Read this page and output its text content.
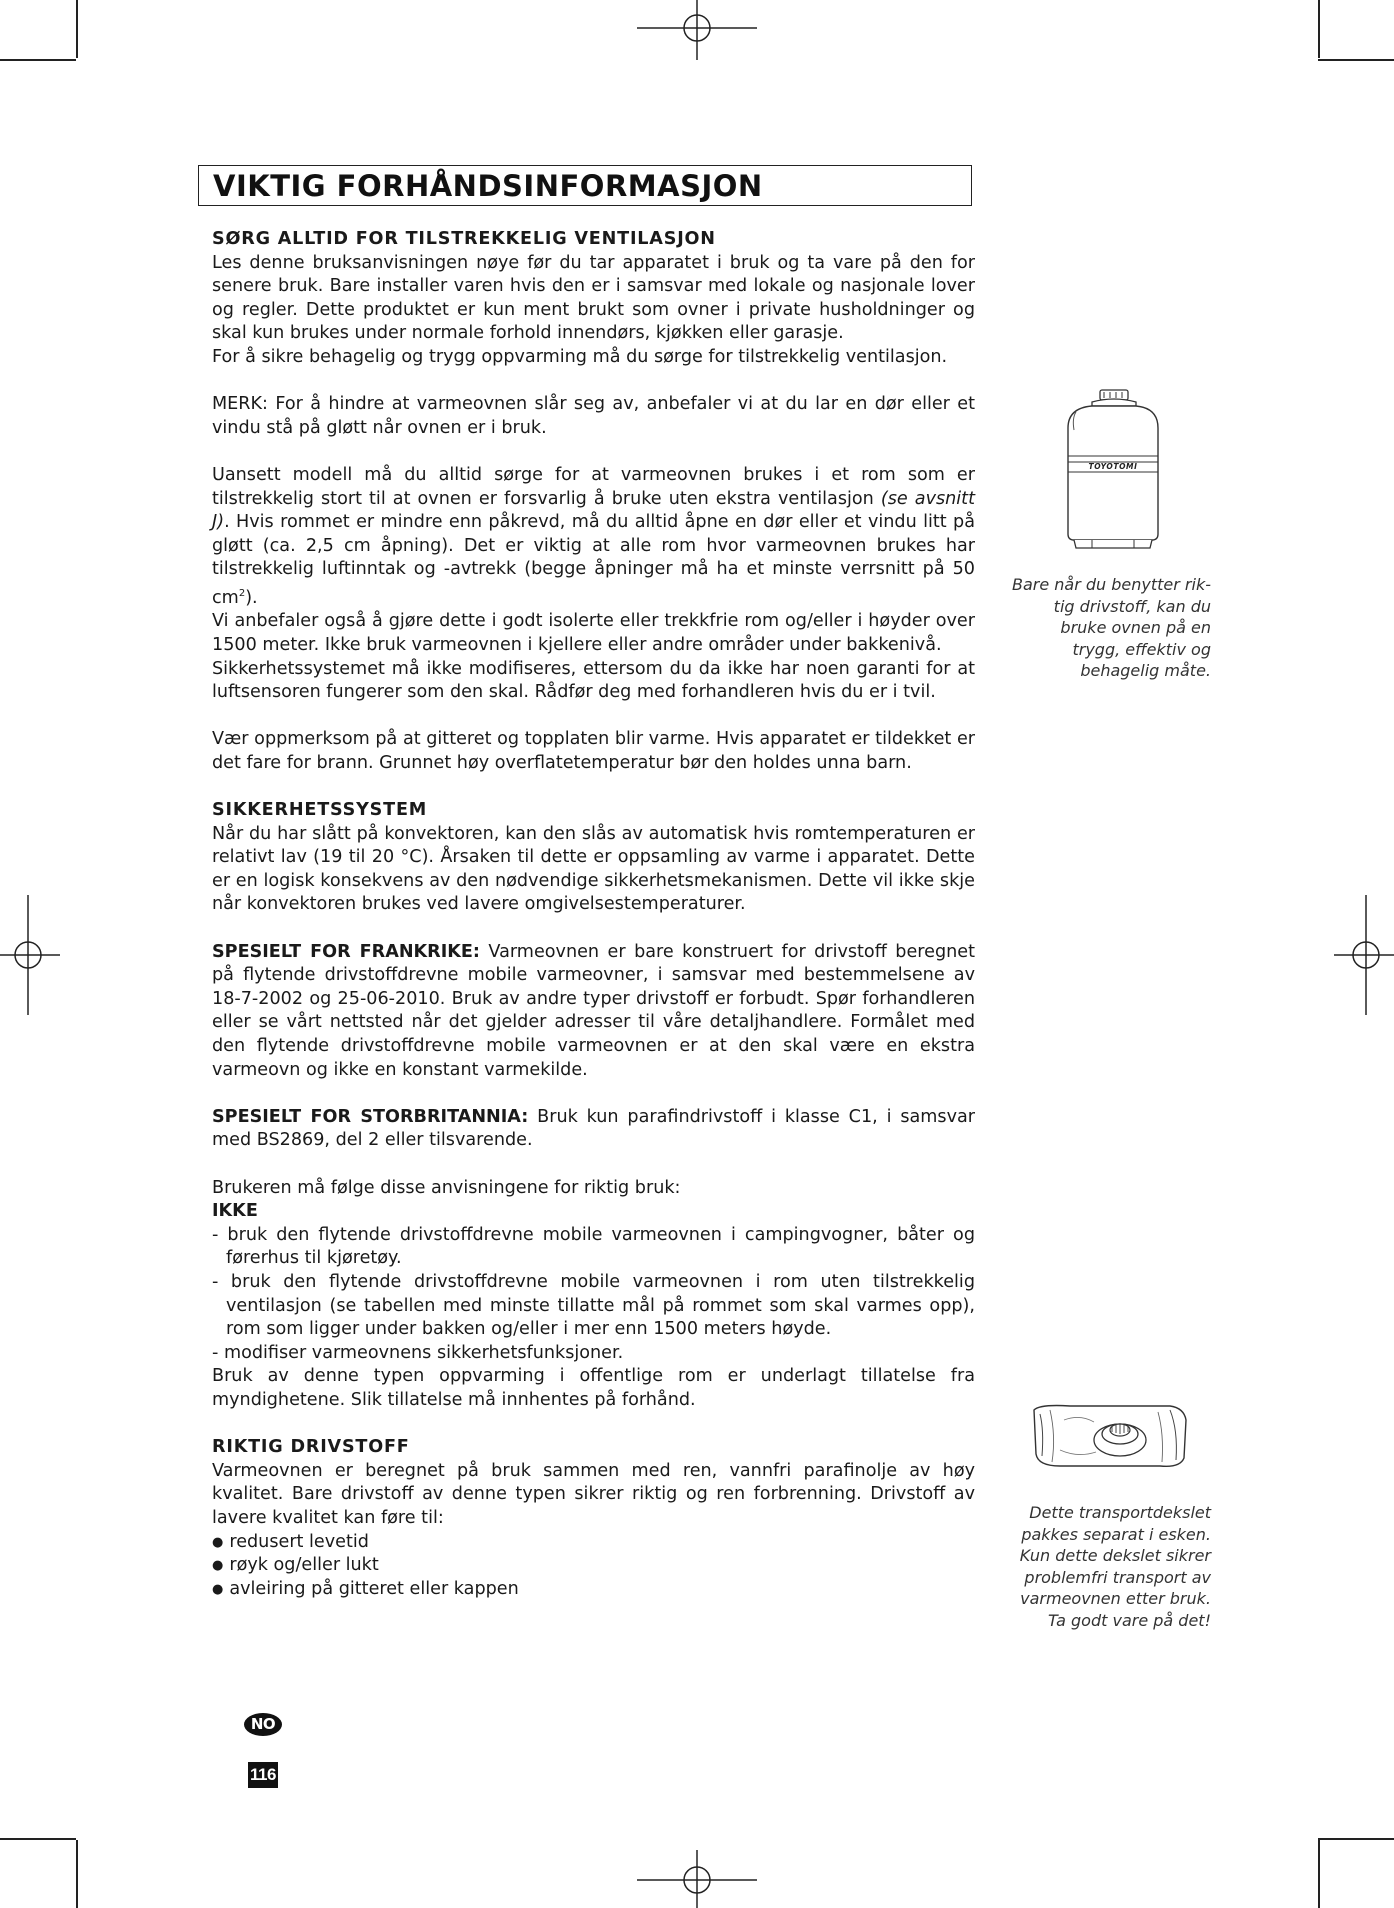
VIKTIG FORHÅNDSINFORMASJON

SØRG ALLTID FOR TILSTREKKELIG VENTILASJON

Les denne bruksanvisningen nøye før du tar apparatet i bruk og ta vare på den for senere bruk. Bare installer varen hvis den er i samsvar med lokale og nasjonale lover og regler. Dette produktet er kun ment brukt som ovner i private husholdninger og skal kun brukes under normale forhold innendørs, kjøkken eller garasje.

For å sikre behagelig og trygg oppvarming må du sørge for tilstrekkelig ventilasjon.

MERK: For å hindre at varmeovnen slår seg av, anbefaler vi at du lar en dør eller et vindu stå på gløtt når ovnen er i bruk.

Uansett modell må du alltid sørge for at varmeovnen brukes i et rom som er tilstrekkelig stort til at ovnen er forsvarlig å bruke uten ekstra ventilasjon (se avsnitt J). Hvis rommet er mindre enn påkrevd, må du alltid åpne en dør eller et vindu litt på gløtt (ca. 2,5 cm åpning). Det er viktig at alle rom hvor varmeovnen brukes har tilstrekkelig luftinntak og -avtrekk (begge åpninger må ha et minste verrsnitt på 50 $cm^2$).

Vi anbefaler også å gjøre dette i godt isolerte eller trekkfrie rom og/eller i høyder over 1500 meter. Ikke bruk varmeovnen i kjellere eller andre områder under bakkenivå.

Sikkerhetssystemet må ikke modifiseres, ettersom du da ikke har noen garanti for at luftsensoren fungerer som den skal. Rådfør deg med forhandleren hvis du er i tvil.

Vær oppmerksom på at gitteret og topplaten blir varme. Hvis apparatet er tildekket er det fare for brann. Grunnet høy overflatetemperatur bør den holdes unna barn.

SIKKERHETSSYSTEM

Når du har slått på konvektoren, kan den slås av automatisk hvis romtemperaturen er relativt lav (19 til 20 °C). Årsaken til dette er oppsamling av varme i apparatet. Dette er en logisk konsekvens av den nødvendige sikkerhetsmekanismen. Dette vil ikke skje når konvektoren brukes ved lavere omgivelsestemperaturer.

SPESIELT FOR FRANKRIKE: Varmeovnen er bare konstruert for drivstoff beregnet på flytende drivstoffdrevne mobile varmeovner, i samsvar med bestemmelsene av 18-7-2002 og 25-06-2010. Bruk av andre typer drivstoff er forbudt. Spør forhandleren eller se vårt nettsted når det gjelder adresser til våre detaljhandlere. Formålet med den flytende drivstoffdrevne mobile varmeovnen er at den skal være en ekstra varmeovn og ikke en konstant varmekilde.

SPESIELT FOR STORBRITANNIA: Bruk kun parafindrivstoff i klasse C1, i samsvar med BS2869, del 2 eller tilsvarende.

Brukeren må følge disse anvisningene for riktig bruk:

IKKE

- bruk den flytende drivstoffdrevne mobile varmeovnen i campingvogner, båter og førerhus til kjøretøy.

- bruk den flytende drivstoffdrevne mobile varmeovnen i rom uten tilstrekkelig ventilasjon (se tabellen med minste tillatte mål på rommet som skal varmes opp), rom som ligger under bakken og/eller i mer enn 1500 meters høyde.

- modifiser varmeovnens sikkerhetsfunksjoner.

Bruk av denne typen oppvarming i offentlige rom er underlagt tillatelse fra myndighetene. Slik tillatelse må innhentes på forhånd.

RIKTIG DRIVSTOFF

Varmeovnen er beregnet på bruk sammen med ren, vannfri parafinolje av høy kvalitet. Bare drivstoff av denne typen sikrer riktig og ren forbrenning. Drivstoff av lavere kvalitet kan føre til:

● redusert levetid

● røyk og/eller lukt

● avleiring på gitteret eller kappen

TOYOTOMI
Bare når du benytter rik-
tig drivstoff, kan du
bruke ovnen på en
trygg, effektiv og
behagelig måte.
Dette transportdekslet
pakkes separat i esken.
Kun dette dekslet sikrer
problemfri transport av
varmeovnen etter bruk.
Ta godt vare på det!
NO
116
